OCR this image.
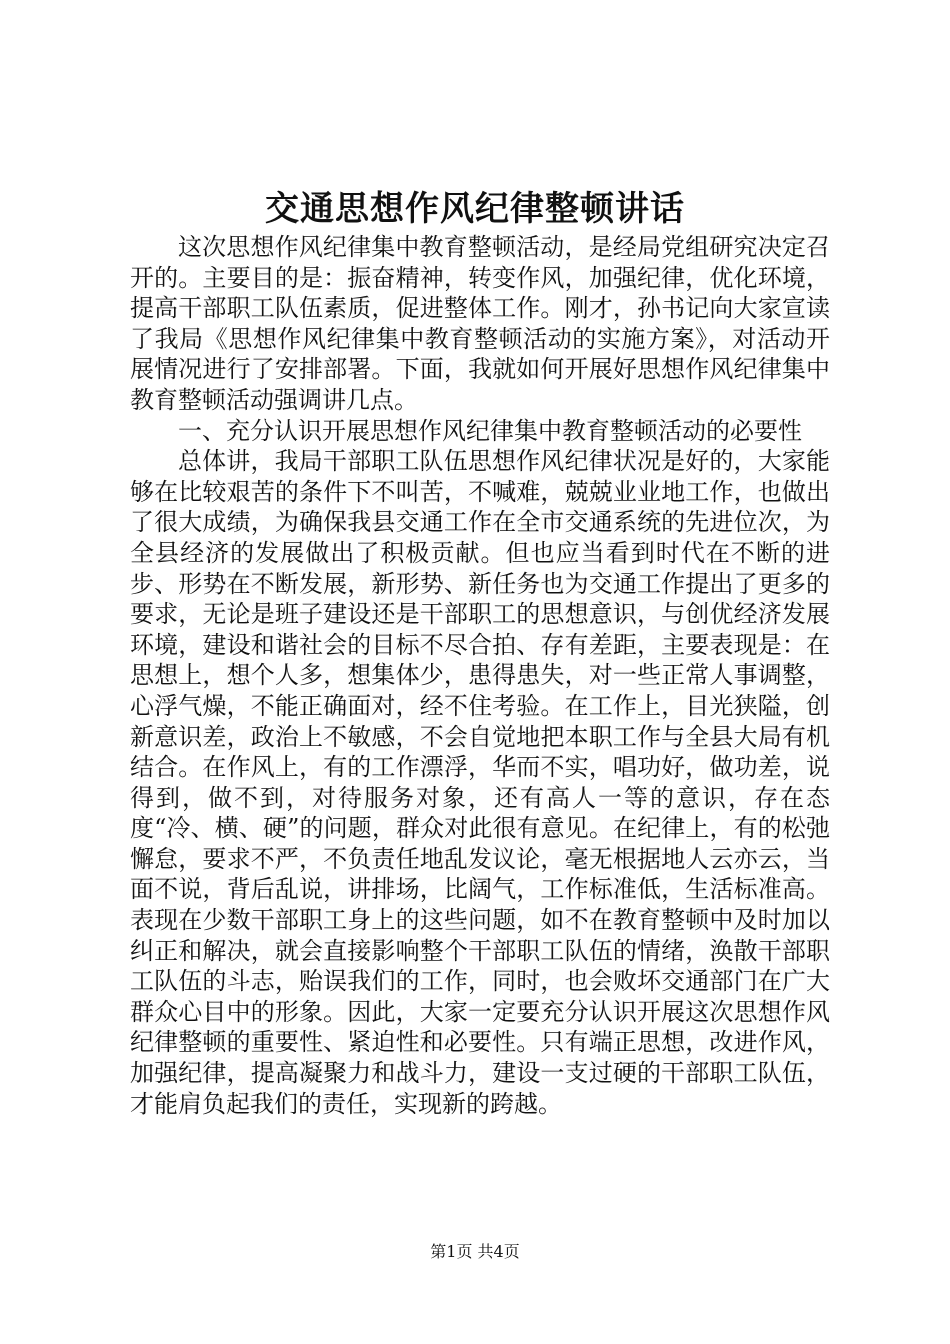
交通思想作风纪律整顿讲话

这次思想作风纪律集中教育整顿活动，是经局党组研究决定召开的。主要目的是：振奋精神，转变作风，加强纪律，优化环境，提高干部职工队伍素质，促进整体工作。刚才，孙书记向大家宣读了我局《思想作风纪律集中教育整顿活动的实施方案》，对活动开展情况进行了安排部署。下面，我就如何开展好思想作风纪律集中教育整顿活动强调讲几点。

一、充分认识开展思想作风纪律集中教育整顿活动的必要性

总体讲，我局干部职工队伍思想作风纪律状况是好的，大家能够在比较艰苦的条件下不叫苦，不喊难，兢兢业业地工作，也做出了很大成绩，为确保我县交通工作在全市交通系统的先进位次，为全县经济的发展做出了积极贡献。但也应当看到时代在不断的进步、形势在不断发展，新形势、新任务也为交通工作提出了更多的要求，无论是班子建设还是干部职工的思想意识，与创优经济发展环境，建设和谐社会的目标不尽合拍、存有差距，主要表现是：在思想上，想个人多，想集体少，患得患失，对一些正常人事调整，心浮气燥，不能正确面对，经不住考验。在工作上，目光狭隘，创新意识差，政治上不敏感，不会自觉地把本职工作与全县大局有机结合。在作风上，有的工作漂浮，华而不实，唱功好，做功差，说得到，做不到，对待服务对象，还有高人一等的意识，存在态度“冷、横、硬”的问题，群众对此很有意见。在纪律上，有的松弛懈怠，要求不严，不负责任地乱发议论，毫无根据地人云亦云，当面不说，背后乱说，讲排场，比阔气，工作标准低，生活标准高。表现在少数干部职工身上的这些问题，如不在教育整顿中及时加以纠正和解决，就会直接影响整个干部职工队伍的情绪，涣散干部职工队伍的斗志，贻误我们的工作，同时，也会败坏交通部门在广大群众心目中的形象。因此，大家一定要充分认识开展这次思想作风纪律整顿的重要性、紧迫性和必要性。只有端正思想，改进作风，加强纪律，提高凝聚力和战斗力，建设一支过硬的干部职工队伍，才能肩负起我们的责任，实现新的跨越。

第1页 共4页
